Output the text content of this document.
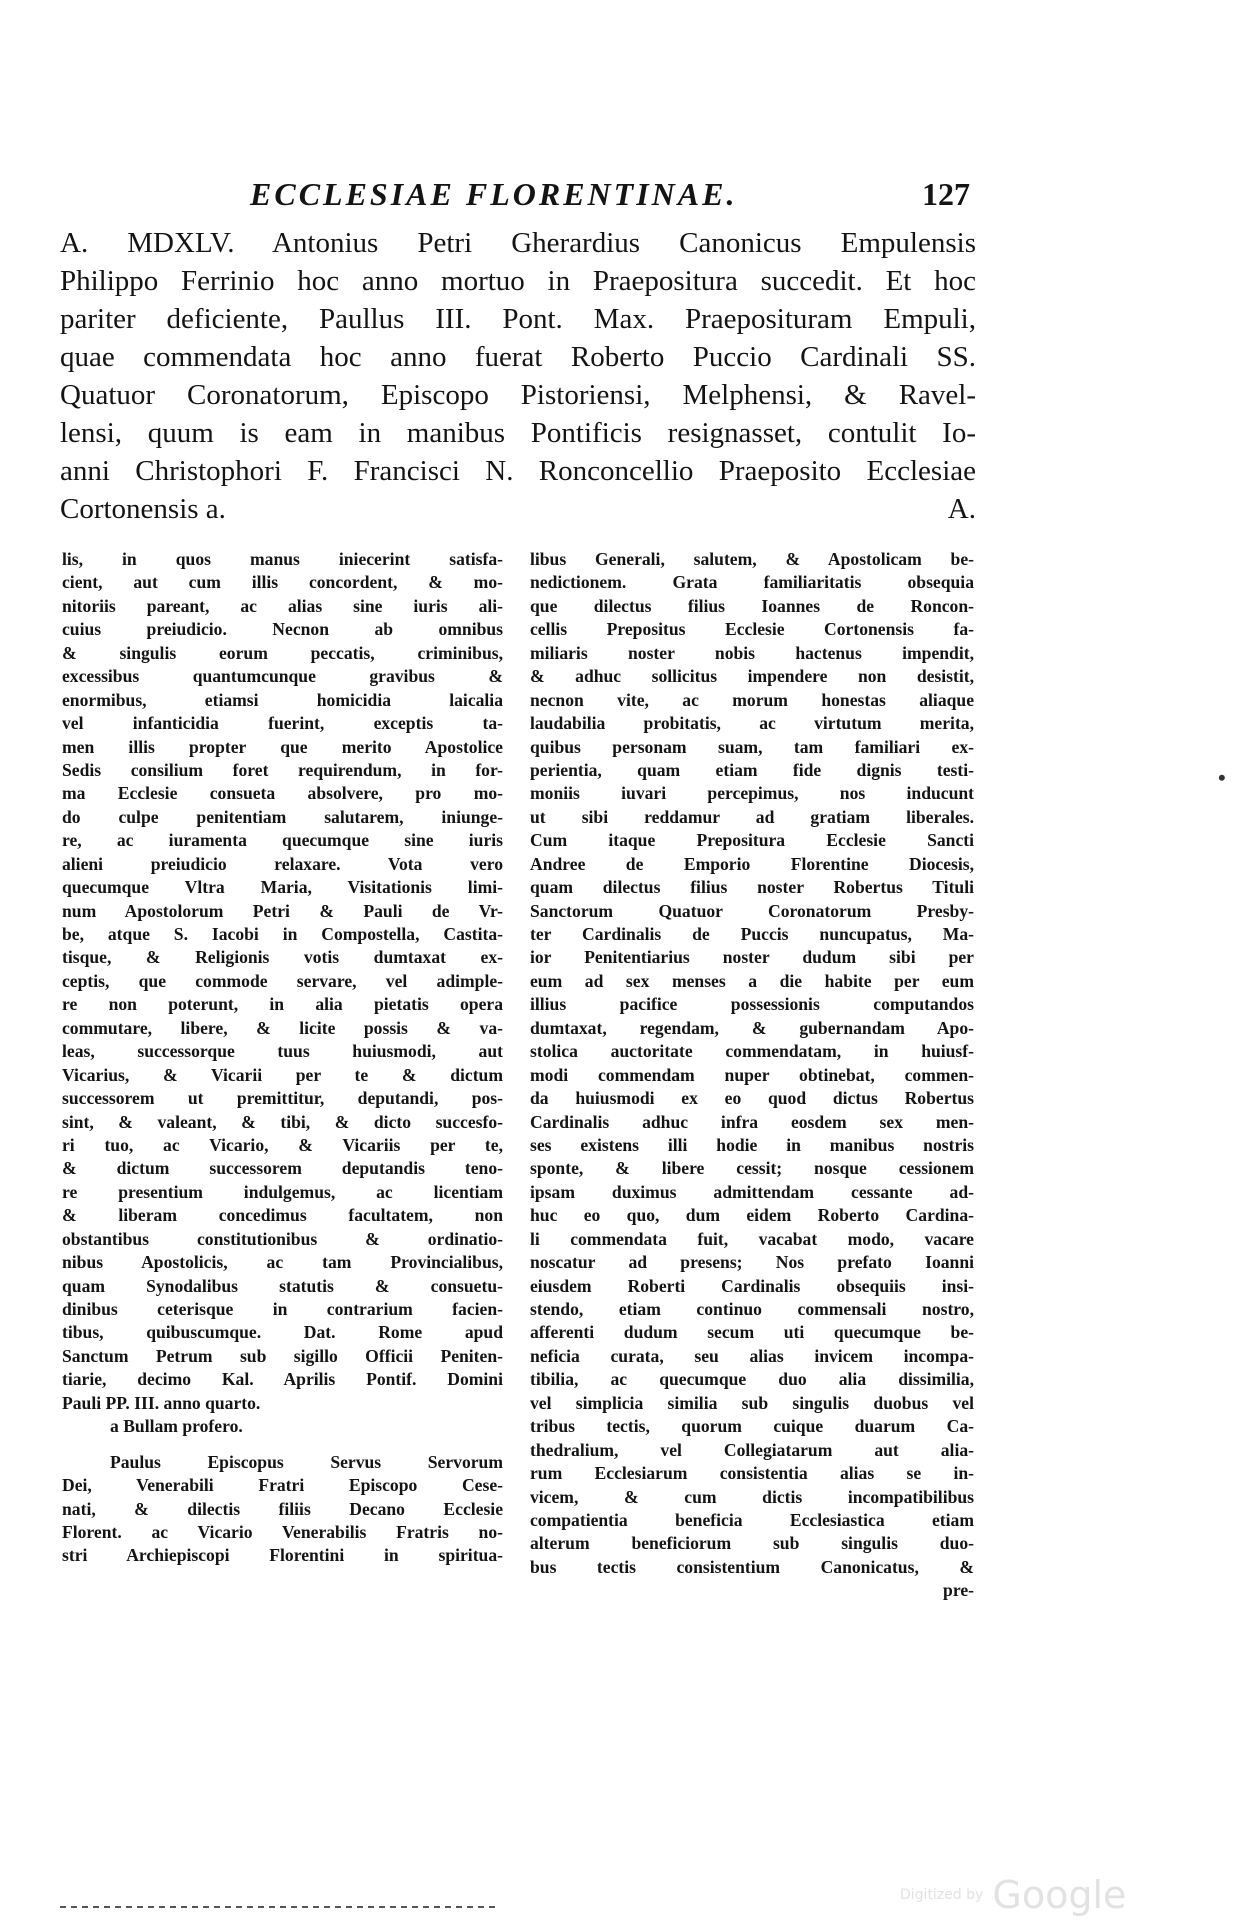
ECCLESIAE FLORENTINAE.	127
A. MDXLV. Antonius Petri Gherardius Canonicus Empulensis
Philippo Ferrinio hoc anno mortuo in Praepositura succedit. Et hoc
pariter deficiente, Paullus III. Pont. Max. Praeposituram Empuli,
quae commendata hoc anno fuerat Roberto Puccio Cardinali SS.
Quatuor Coronatorum, Episcopo Pistoriensi, Melphensi, & Ravel-
lensi, quum is eam in manibus Pontificis resignasset, contulit Io-
anni Christophori F. Francisci N. Ronconcellio Praeposito Ecclesiae
Cortonensis a.	A.
lis, in quos manus iniecerint satisfa-
cient, aut cum illis concordent, & mo-
nitoriis pareant, ac alias sine iuris ali-
cuius preiudicio. Necnon ab omnibus
& singulis eorum peccatis, criminibus,
excessibus quantumcunque gravibus &
enormibus, etiamsi homicidia laicalia
vel infanticidia fuerint, exceptis ta-
men illis propter que merito Apostolice
Sedis consilium foret requirendum, in for-
ma Ecclesie consueta absolvere, pro mo-
do culpe penitentiam salutarem, iniunge-
re, ac iuramenta quecumque sine iuris
alieni preiudicio relaxare. Vota vero
quecumque Vltra Maria, Visitationis limi-
num Apostolorum Petri & Pauli de Vr-
be, atque S. Iacobi in Compostella, Castita-
tisque, & Religionis votis dumtaxat ex-
ceptis, que commode servare, vel adimple-
re non poterunt, in alia pietatis opera
commutare, libere, & licite possis & va-
leas, successorque tuus huiusmodi, aut
Vicarius, & Vicarii per te & dictum
successorem ut premittitur, deputandi, pos-
sint, & valeant, & tibi, & dicto succesfo-
ri tuo, ac Vicario, & Vicariis per te,
& dictum successorem deputandis teno-
re presentium indulgemus, ac licentiam
& liberam concedimus facultatem, non
obstantibus constitutionibus & ordinatio-
nibus Apostolicis, ac tam Provincialibus,
quam Synodalibus statutis & consuetu-
dinibus ceterisque in contrarium facien-
tibus, quibuscumque. Dat. Rome apud
Sanctum Petrum sub sigillo Officii Peniten-
tiarie, decimo Kal. Aprilis Pontif. Domini
Pauli PP. III. anno quarto.
a Bullam profero.
Paulus Episcopus Servus Servorum
Dei, Venerabili Fratri Episcopo Cese-
nati, & dilectis filiis Decano Ecclesie
Florent. ac Vicario Venerabilis Fratris no-
stri Archiepiscopi Florentini in spiritua-
libus Generali, salutem, & Apostolicam be-
nedictionem. Grata familiaritatis obsequia
que dilectus filius Ioannes de Roncon-
cellis Prepositus Ecclesie Cortonensis fa-
miliaris noster nobis hactenus impendit,
& adhuc sollicitus impendere non desistit,
necnon vite, ac morum honestas aliaque
laudabilia probitatis, ac virtutum merita,
quibus personam suam, tam familiari ex-
perientia, quam etiam fide dignis testi-
moniis iuvari percepimus, nos inducunt
ut sibi reddamur ad gratiam liberales.
Cum itaque Prepositura Ecclesie Sancti
Andree de Emporio Florentine Diocesis,
quam dilectus filius noster Robertus Tituli
Sanctorum Quatuor Coronatorum Presby-
ter Cardinalis de Puccis nuncupatus, Ma-
ior Penitentiarius noster dudum sibi per
eum ad sex menses a die habite per eum
illius pacifice possessionis computandos
dumtaxat, regendam, & gubernandam Apo-
stolica auctoritate commendatam, in huiusf-
modi commendam nuper obtinebat, commen-
da huiusmodi ex eo quod dictus Robertus
Cardinalis adhuc infra eosdem sex men-
ses existens illi hodie in manibus nostris
sponte, & libere cessit; nosque cessionem
ipsam duximus admittendam cessante ad-
huc eo quo, dum eidem Roberto Cardina-
li commendata fuit, vacabat modo, vacare
noscatur ad presens; Nos prefato Ioanni
eiusdem Roberti Cardinalis obsequiis insi-
stendo, etiam continuo commensali nostro,
afferenti dudum secum uti quecumque be-
neficia curata, seu alias invicem incompa-
tibilia, ac quecumque duo alia dissimilia,
vel simplicia similia sub singulis duobus vel
tribus tectis, quorum cuique duarum Ca-
thedralium, vel Collegiatarum aut alia-
rum Ecclesiarum consistentia alias se in-
vicem, & cum dictis incompatibilibus
compatientia beneficia Ecclesiastica etiam
alterum beneficiorum sub singulis duo-
bus tectis consistentium Canonicatus, &
pre-
•
Digitized by Google
